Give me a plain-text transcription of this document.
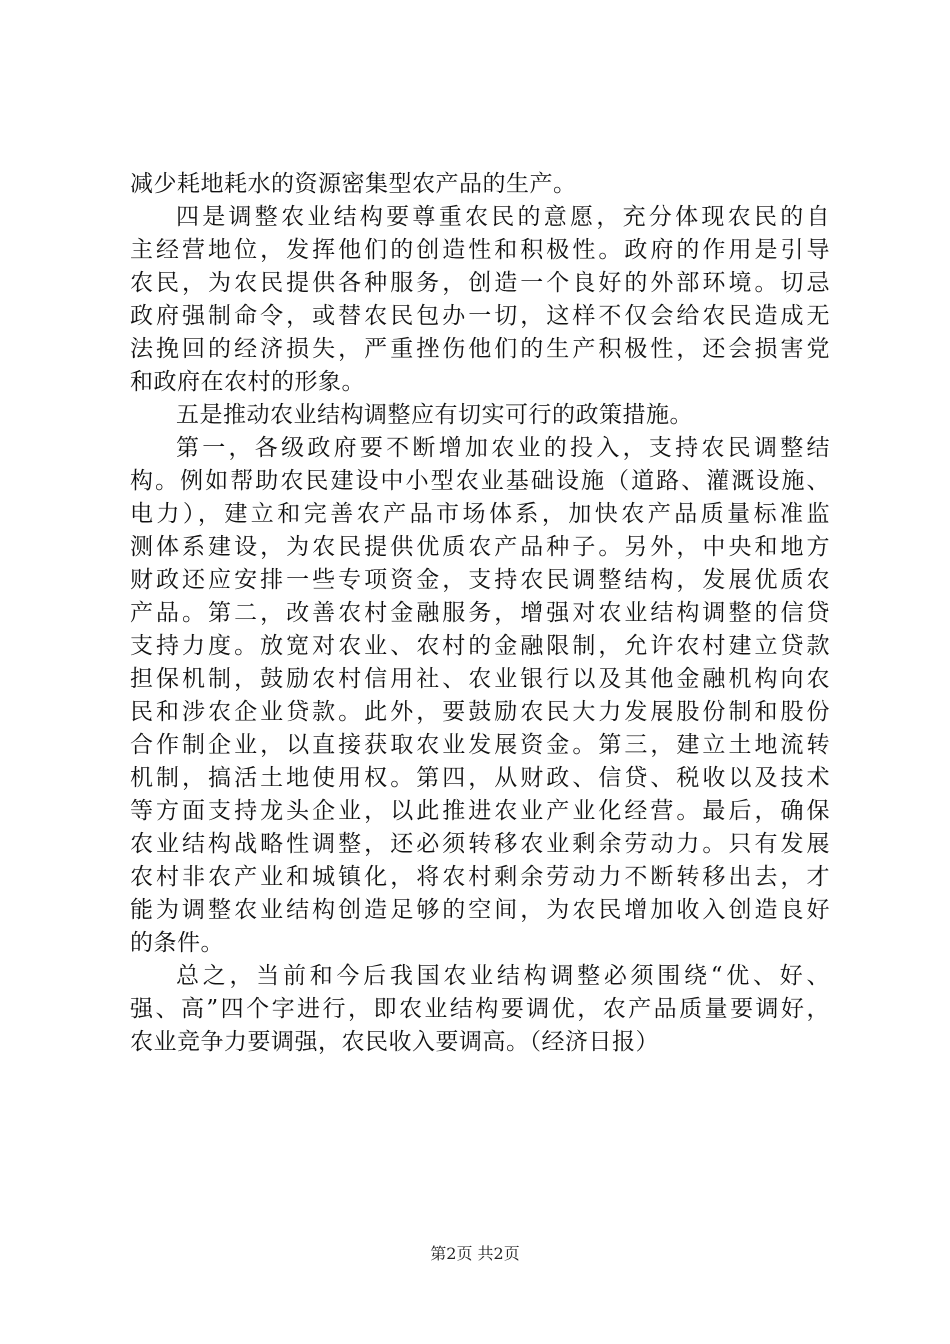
减少耗地耗水的资源密集型农产品的生产。
四是调整农业结构要尊重农民的意愿，充分体现农民的自
主经营地位，发挥他们的创造性和积极性。政府的作用是引导
农民，为农民提供各种服务，创造一个良好的外部环境。切忌
政府强制命令，或替农民包办一切，这样不仅会给农民造成无
法挽回的经济损失，严重挫伤他们的生产积极性，还会损害党
和政府在农村的形象。
五是推动农业结构调整应有切实可行的政策措施。
第一，各级政府要不断增加农业的投入，支持农民调整结
构。例如帮助农民建设中小型农业基础设施（道路、灌溉设施、
电力），建立和完善农产品市场体系，加快农产品质量标准监
测体系建设，为农民提供优质农产品种子。另外，中央和地方
财政还应安排一些专项资金，支持农民调整结构，发展优质农
产品。第二，改善农村金融服务，增强对农业结构调整的信贷
支持力度。放宽对农业、农村的金融限制，允许农村建立贷款
担保机制，鼓励农村信用社、农业银行以及其他金融机构向农
民和涉农企业贷款。此外，要鼓励农民大力发展股份制和股份
合作制企业，以直接获取农业发展资金。第三，建立土地流转
机制，搞活土地使用权。第四，从财政、信贷、税收以及技术
等方面支持龙头企业，以此推进农业产业化经营。最后，确保
农业结构战略性调整，还必须转移农业剩余劳动力。只有发展
农村非农产业和城镇化，将农村剩余劳动力不断转移出去，才
能为调整农业结构创造足够的空间，为农民增加收入创造良好
的条件。
总之，当前和今后我国农业结构调整必须围绕“优、好、
强、高”四个字进行，即农业结构要调优，农产品质量要调好，
农业竞争力要调强，农民收入要调高。（经济日报）
第2页 共2页
